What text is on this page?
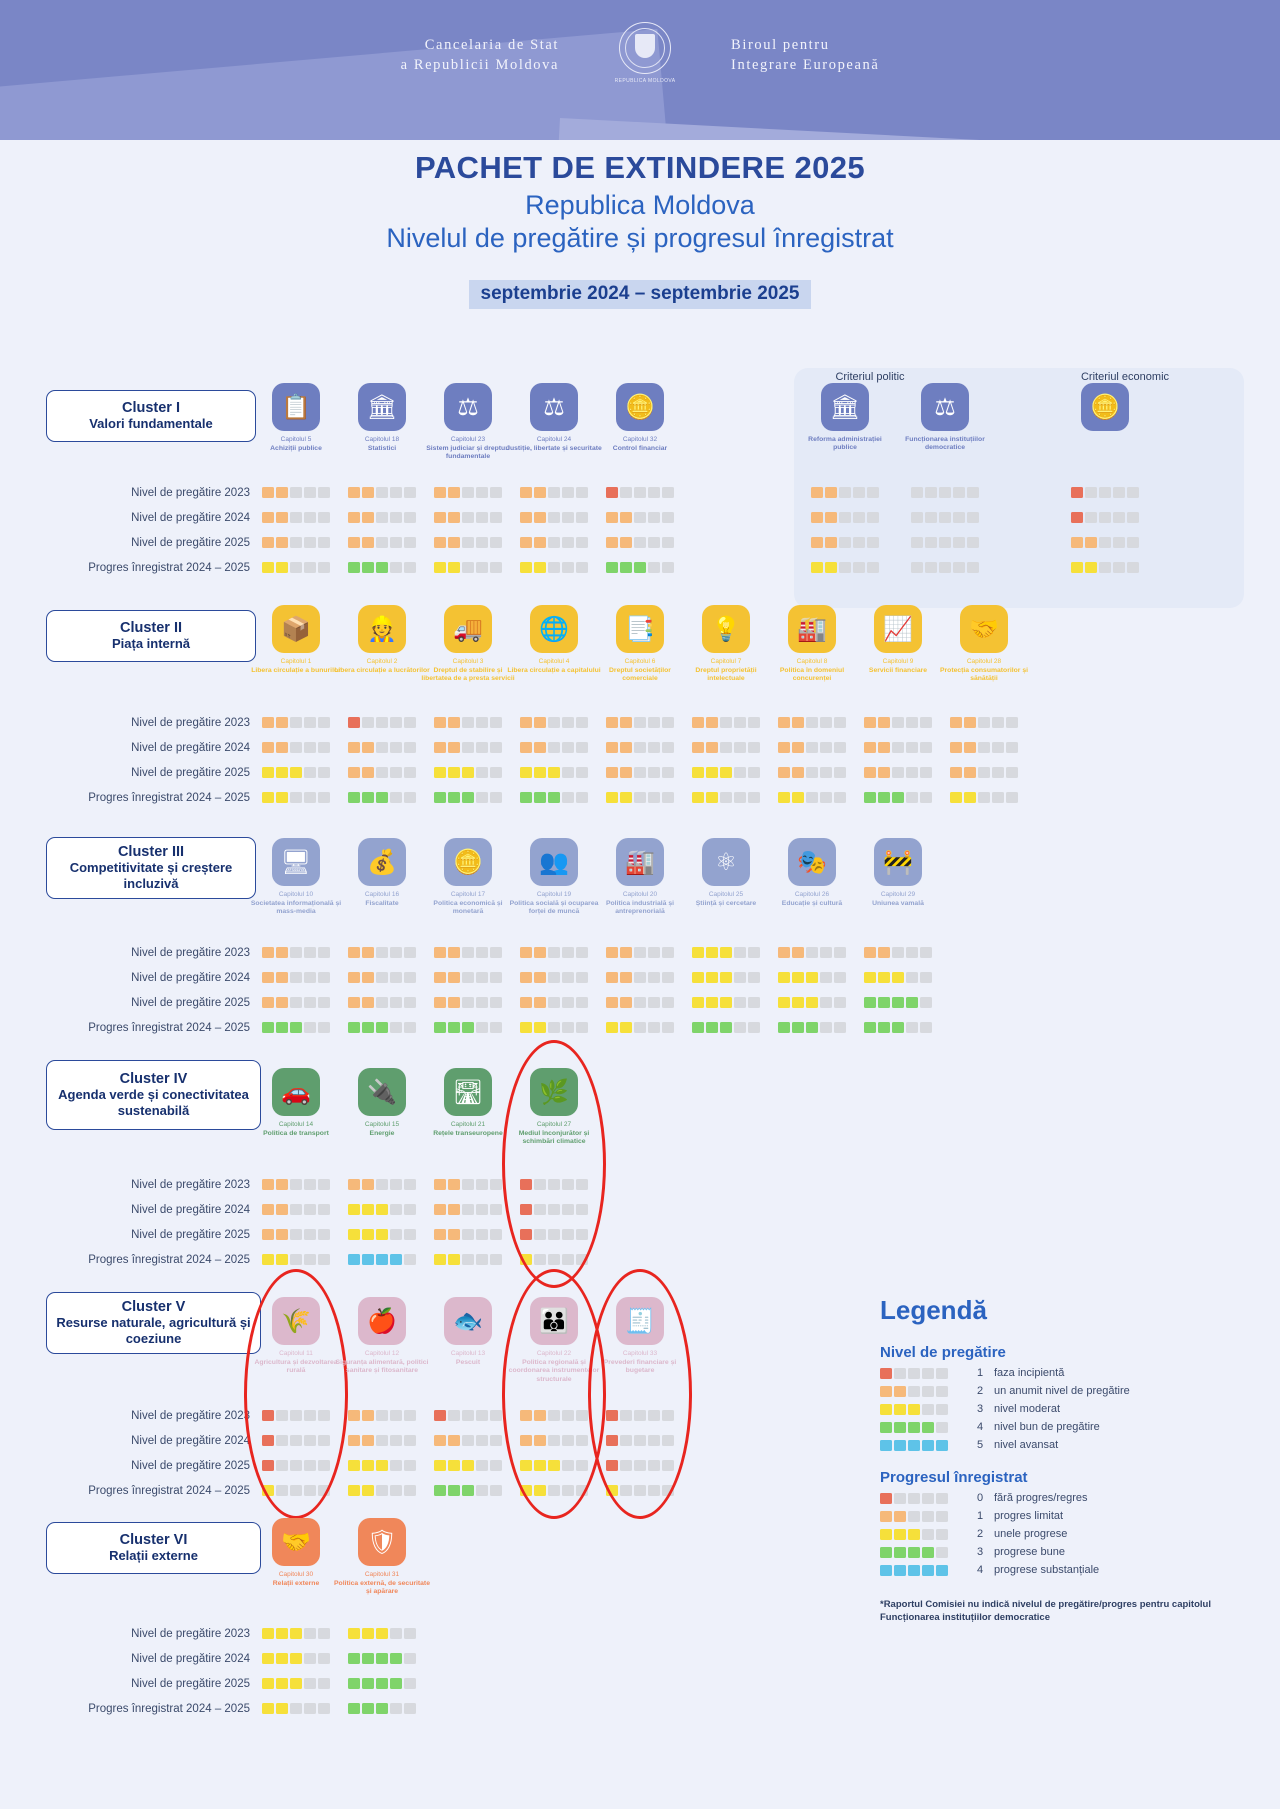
Cancelaria de Stat
a Republicii Moldova
REPUBLICA MOLDOVA
Biroul pentru
Integrare Europeană
PACHET DE EXTINDERE 2025
Republica Moldova
Nivelul de pregătire și progresul înregistrat
septembrie 2024 – septembrie 2025
Cluster I
Valori fundamentale
Nivel de pregătire 2023
Nivel de pregătire 2024
Nivel de pregătire 2025
Progres înregistrat 2024 – 2025
Criteriul politic	Criteriul economic
📋
Capitolul 5
Achiziții publice
🏛
Capitolul 18
Statistici
⚖
Capitolul 23
Sistem judiciar și drepturi fundamentale
⚖
Capitolul 24
Justiție, libertate și securitate
🪙
Capitolul 32
Control financiar
🏛
Reforma administrației publice
⚖
Funcționarea instituțiilor democratice
🪙
Cluster II
Piața internă
Nivel de pregătire 2023
Nivel de pregătire 2024
Nivel de pregătire 2025
Progres înregistrat 2024 – 2025
📦
Capitolul 1
Libera circulație a bunurilor
👷
Capitolul 2
Libera circulație a lucrătorilor
🚚
Capitolul 3
Dreptul de stabilire și libertatea de a presta servicii
🌐
Capitolul 4
Libera circulație a capitalului
📑
Capitolul 6
Dreptul societăților comerciale
💡
Capitolul 7
Dreptul proprietății intelectuale
🏭
Capitolul 8
Politica în domeniul concurenței
📈
Capitolul 9
Servicii financiare
🤝
Capitolul 28
Protecția consumatorilor și sănătății
Cluster III
Competitivitate și creștere incluzivă
Nivel de pregătire 2023
Nivel de pregătire 2024
Nivel de pregătire 2025
Progres înregistrat 2024 – 2025
🖥
Capitolul 10
Societatea informațională și mass-media
💰
Capitolul 16
Fiscalitate
🪙
Capitolul 17
Politica economică și monetară
👥
Capitolul 19
Politica socială și ocuparea forței de muncă
🏭
Capitolul 20
Politica industrială și antreprenorială
⚛
Capitolul 25
Știință și cercetare
🎭
Capitolul 26
Educație și cultură
🚧
Capitolul 29
Uniunea vamală
Cluster IV
Agenda verde și conectivitatea sustenabilă
Nivel de pregătire 2023
Nivel de pregătire 2024
Nivel de pregătire 2025
Progres înregistrat 2024 – 2025
🚗
Capitolul 14
Politica de transport
🔌
Capitolul 15
Energie
🛣
Capitolul 21
Rețele transeuropene
🌿
Capitolul 27
Mediul înconjurător și schimbări climatice
Cluster V
Resurse naturale, agricultură și coeziune
Nivel de pregătire 2023
Nivel de pregătire 2024
Nivel de pregătire 2025
Progres înregistrat 2024 – 2025
🌾
Capitolul 11
Agricultura și dezvoltarea rurală
🍎
Capitolul 12
Siguranța alimentară, politici sanitare și fitosanitare
🐟
Capitolul 13
Pescuit
👪
Capitolul 22
Politica regională și coordonarea instrumentelor structurale
🧾
Capitolul 33
Prevederi financiare și bugetare
Cluster VI
Relații externe
Nivel de pregătire 2023
Nivel de pregătire 2024
Nivel de pregătire 2025
Progres înregistrat 2024 – 2025
🤝
Capitolul 30
Relații externe
🛡
Capitolul 31
Politica externă, de securitate și apărare
Legendă
Nivel de pregătire
1 faza incipientă
2 un anumit nivel de pregătire
3 nivel moderat
4 nivel bun de pregătire
5 nivel avansat
Progresul înregistrat
0 fără progres/regres
1 progres limitat
2 unele progrese
3 progrese bune
4 progrese substanțiale
*Raportul Comisiei nu indică nivelul de pregătire/progres pentru capitolul Funcționarea instituțiilor democratice
